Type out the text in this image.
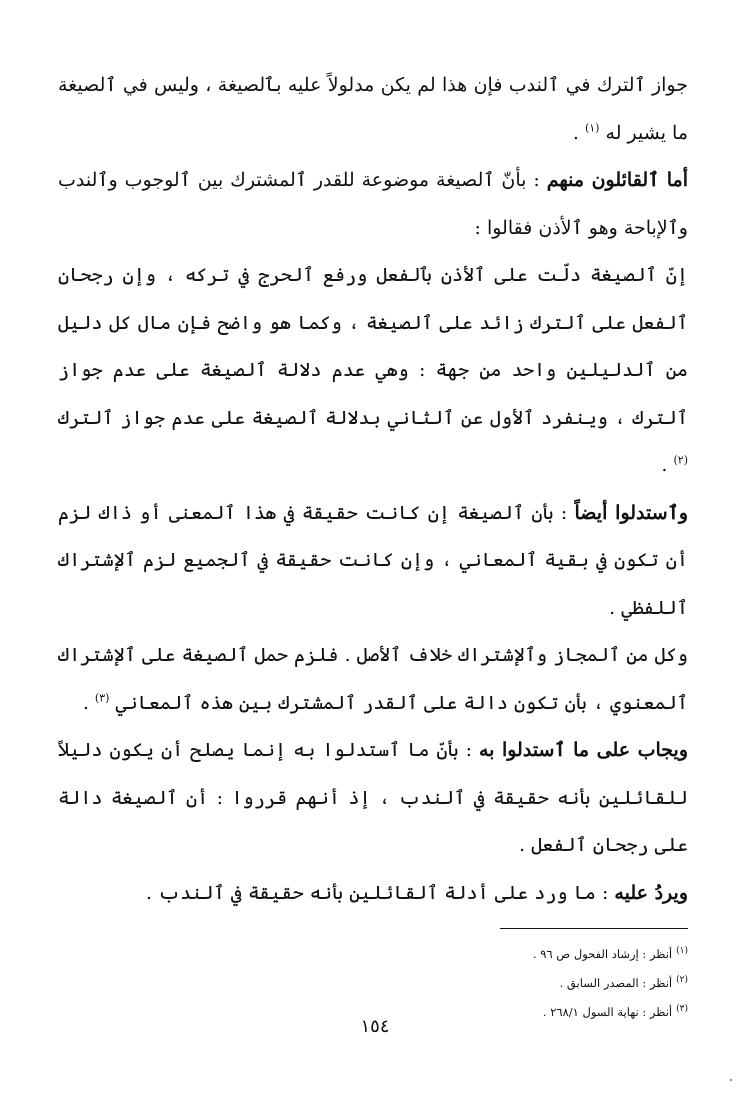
جواز ٱلترك في ٱلندب فإن هذا لم يكن مدلولاً عليه بٱلصيغة ، وليس في ٱلصيغة ما يشير له $^{(١)}$ .

أما ٱلقائلون منهم : بأنّ ٱلصيغة موضوعة للقدر ٱلمشترك بين ٱلوجوب وٱلندب وٱلإباحة وهو ٱلأذن فقالوا :

إنّ ٱلصيغة دلّت على ٱلأذن بٱلفعل ورفع ٱلحرج في تركه ، وإن رجحان ٱلفعل على ٱلترك زائد على ٱلصيغة ، وكما هو واضح فإن مال كل دليل من ٱلدليلين واحد من جهة : وهي عدم دلالة ٱلصيغة على عدم جواز ٱلترك ، وينفرد ٱلأول عن ٱلثاني بدلالة ٱلصيغة على عدم جواز ٱلترك $^{(٢)}$ .

وٱستدلوا أيضاً : بأن ٱلصيغة إن كانت حقيقة في هذا ٱلمعنى أو ذاك لزم أن تكون في بقية ٱلمعاني ، وإن كانت حقيقة في ٱلجميع لزم ٱلإشتراك ٱللفظي .

وكل من ٱلمجاز وٱلإشتراك خلاف ٱلأصل . فلزم حمل ٱلصيغة على ٱلإشتراك ٱلمعنوي ، بأن تكون دالة على ٱلقدر ٱلمشترك بين هذه ٱلمعاني $^{(٣)}$ .

ويجاب على ما ٱستدلوا به : بأنّ ما ٱستدلوا به إنما يصلح أن يكون دليلاً للقائلين بأنه حقيقة في ٱلندب ، إذ أنهم قرروا : أن ٱلصيغة دالة على رجحان ٱلفعل .

ويردُ عليه : ما ورد على أدلة ٱلقائلين بأنه حقيقة في ٱلندب .

$^{(١)}$أنظر : إرشاد الفحول ص ٩٦ .
$^{(٢)}$أنظر : المصدر السابق .
$^{(٣)}$أنظر : نهاية السول ٢٦٨/١ .
١٥٤
